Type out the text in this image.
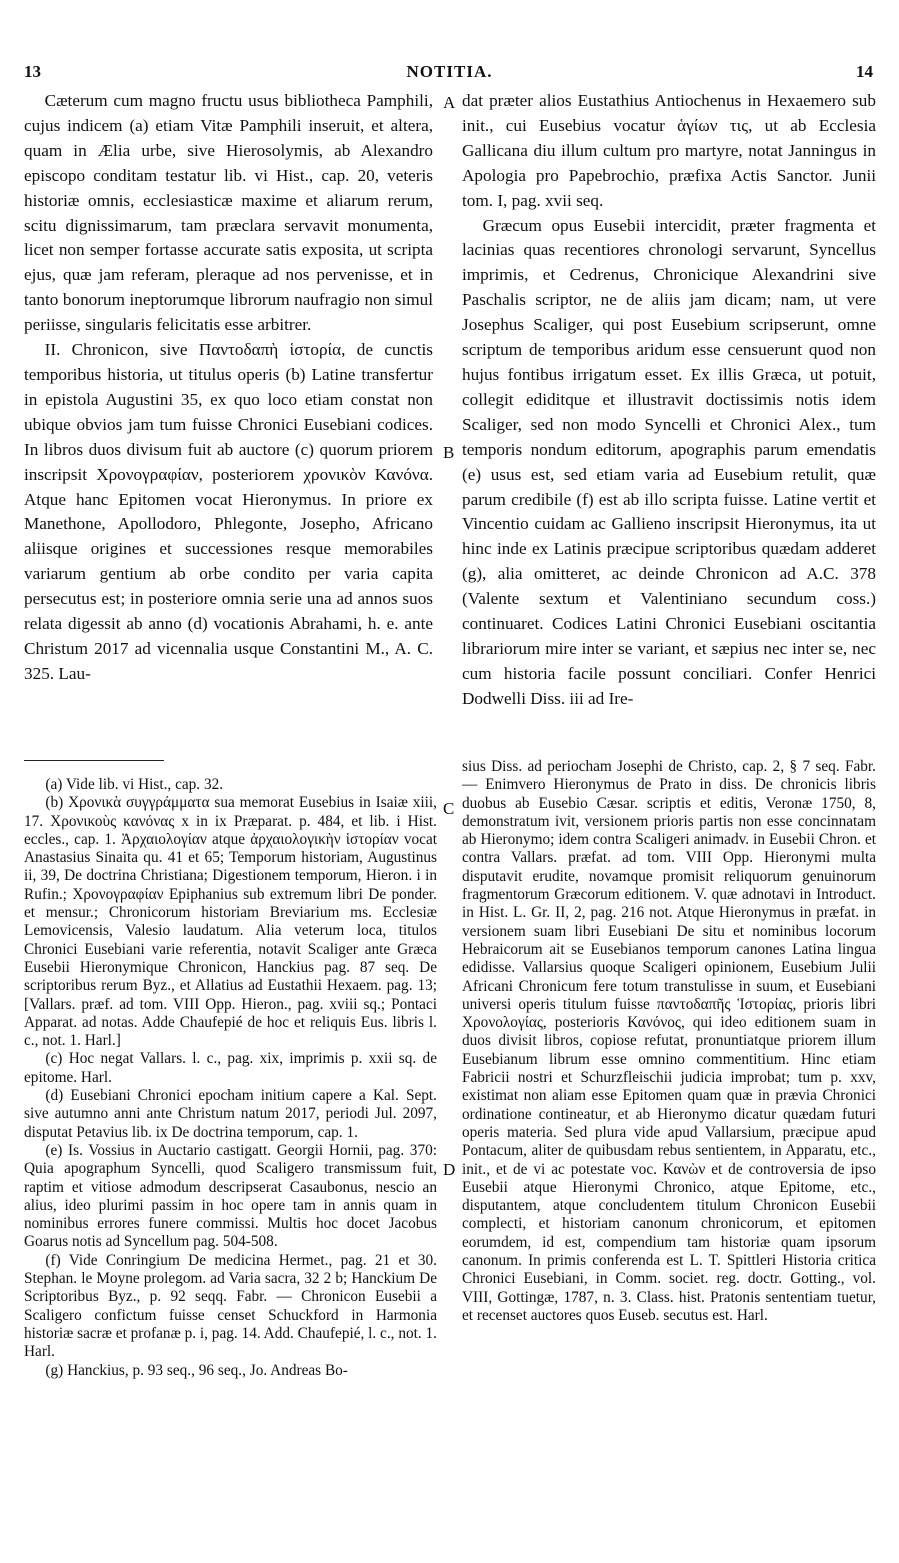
NOTITIA.
13	14
A
B
C
D

Cæterum cum magno fructu usus bibliotheca Pamphili, cujus indicem (a) etiam Vitæ Pamphili inseruit, et altera, quam in Ælia urbe, sive Hierosolymis, ab Alexandro episcopo conditam testatur lib. vi Hist., cap. 20, veteris historiæ omnis, ecclesiasticæ maxime et aliarum rerum, scitu dignissimarum, tam præclara servavit monumenta, licet non semper fortasse accurate satis exposita, ut scripta ejus, quæ jam referam, pleraque ad nos pervenisse, et in tanto bonorum ineptorumque librorum naufragio non simul periisse, singularis felicitatis esse arbitrer.

II. Chronicon, sive Παντοδαπὴ ἱστορία, de cunctis temporibus historia, ut titulus operis (b) Latine transfertur in epistola Augustini 35, ex quo loco etiam constat non ubique obvios jam tum fuisse Chronici Eusebiani codices. In libros duos divisum fuit ab auctore (c) quorum priorem inscripsit Χρονογραφίαν, posteriorem χρονικὸν Κανόνα. Atque hanc Epitomen vocat Hieronymus. In priore ex Manethone, Apollodoro, Phlegonte, Josepho, Africano aliisque origines et successiones resque memorabiles variarum gentium ab orbe condito per varia capita persecutus est; in posteriore omnia serie una ad annos suos relata digessit ab anno (d) vocationis Abrahami, h. e. ante Christum 2017 ad vicennalia usque Constantini M., A. C. 325. Lau-

dat præter alios Eustathius Antiochenus in Hexaemero sub init., cui Eusebius vocatur ἁγίων τις, ut ab Ecclesia Gallicana diu illum cultum pro martyre, notat Janningus in Apologia pro Papebrochio, præfixa Actis Sanctor. Junii tom. I, pag. xvii seq.

Græcum opus Eusebii intercidit, præter fragmenta et lacinias quas recentiores chronologi servarunt, Syncellus imprimis, et Cedrenus, Chronicique Alexandrini sive Paschalis scriptor, ne de aliis jam dicam; nam, ut vere Josephus Scaliger, qui post Eusebium scripserunt, omne scriptum de temporibus aridum esse censuerunt quod non hujus fontibus irrigatum esset. Ex illis Græca, ut potuit, collegit ediditque et illustravit doctissimis notis idem Scaliger, sed non modo Syncelli et Chronici Alex., tum temporis nondum editorum, apographis parum emendatis (e) usus est, sed etiam varia ad Eusebium retulit, quæ parum credibile (f) est ab illo scripta fuisse. Latine vertit et Vincentio cuidam ac Gallieno inscripsit Hieronymus, ita ut hinc inde ex Latinis præcipue scriptoribus quædam adderet (g), alia omitteret, ac deinde Chronicon ad A.C. 378 (Valente sextum et Valentiniano secundum coss.) continuaret. Codices Latini Chronici Eusebiani oscitantia librariorum mire inter se variant, et sæpius nec inter se, nec cum historia facile possunt conciliari. Confer Henrici Dodwelli Diss. iii ad Ire-

(a) Vide lib. vi Hist., cap. 32.

(b) Χρονικὰ συγγράμματα sua memorat Eusebius in Isaiæ xiii, 17. Χρονικοὺς κανόνας x in ix Præparat. p. 484, et lib. i Hist. eccles., cap. 1. Ἀρχαιολογίαν atque ἀρχαιολογικὴν ἱστορίαν vocat Anastasius Sinaita qu. 41 et 65; Temporum historiam, Augustinus ii, 39, De doctrina Christiana; Digestionem temporum, Hieron. i in Rufin.; Χρονογραφίαν Epiphanius sub extremum libri De ponder. et mensur.; Chronicorum historiam Breviarium ms. Ecclesiæ Lemovicensis, Valesio laudatum. Alia veterum loca, titulos Chronici Eusebiani varie referentia, notavit Scaliger ante Græca Eusebii Hieronymique Chronicon, Hanckius pag. 87 seq. De scriptoribus rerum Byz., et Allatius ad Eustathii Hexaem. pag. 13; [Vallars. præf. ad tom. VIII Opp. Hieron., pag. xviii sq.; Pontaci Apparat. ad notas. Adde Chaufepié de hoc et reliquis Eus. libris l. c., not. 1. Harl.]

(c) Hoc negat Vallars. l. c., pag. xix, imprimis p. xxii sq. de epitome. Harl.

(d) Eusebiani Chronici epocham initium capere a Kal. Sept. sive autumno anni ante Christum natum 2017, periodi Jul. 2097, disputat Petavius lib. ix De doctrina temporum, cap. 1.

(e) Is. Vossius in Auctario castigatt. Georgii Hornii, pag. 370: Quia apographum Syncelli, quod Scaligero transmissum fuit, raptim et vitiose admodum descripserat Casaubonus, nescio an alius, ideo plurimi passim in hoc opere tam in annis quam in nominibus errores funere commissi. Multis hoc docet Jacobus Goarus notis ad Syncellum pag. 504-508.

(f) Vide Conringium De medicina Hermet., pag. 21 et 30. Stephan. le Moyne prolegom. ad Varia sacra, 32 2 b; Hanckium De Scriptoribus Byz., p. 92 seqq. Fabr. — Chronicon Eusebii a Scaligero confictum fuisse censet Schuckford in Harmonia historiæ sacræ et profanæ p. i, pag. 14. Add. Chaufepié, l. c., not. 1. Harl.

(g) Hanckius, p. 93 seq., 96 seq., Jo. Andreas Bo-

sius Diss. ad periocham Josephi de Christo, cap. 2, § 7 seq. Fabr. — Enimvero Hieronymus de Prato in diss. De chronicis libris duobus ab Eusebio Cæsar. scriptis et editis, Veronæ 1750, 8, demonstratum ivit, versionem prioris partis non esse concinnatam ab Hieronymo; idem contra Scaligeri animadv. in Eusebii Chron. et contra Vallars. præfat. ad tom. VIII Opp. Hieronymi multa disputavit erudite, novamque promisit reliquorum genuinorum fragmentorum Græcorum editionem. V. quæ adnotavi in Introduct. in Hist. L. Gr. II, 2, pag. 216 not. Atque Hieronymus in præfat. in versionem suam libri Eusebiani De situ et nominibus locorum Hebraicorum ait se Eusebianos temporum canones Latina lingua edidisse. Vallarsius quoque Scaligeri opinionem, Eusebium Julii Africani Chronicum fere totum transtulisse in suum, et Eusebiani universi operis titulum fuisse παντοδαπῆς Ἱστορίας, prioris libri Χρονολογίας, posterioris Κανόνος, qui ideo editionem suam in duos divisit libros, copiose refutat, pronuntiatque priorem illum Eusebianum librum esse omnino commentitium. Hinc etiam Fabricii nostri et Schurzfleischii judicia improbat; tum p. xxv, existimat non aliam esse Epitomen quam quæ in prævia Chronici ordinatione contineatur, et ab Hieronymo dicatur quædam futuri operis materia. Sed plura vide apud Vallarsium, præcipue apud Pontacum, aliter de quibusdam rebus sentientem, in Apparatu, etc., init., et de vi ac potestate voc. Κανὼν et de controversia de ipso Eusebii atque Hieronymi Chronico, atque Epitome, etc., disputantem, atque concludentem titulum Chronicon Eusebii complecti, et historiam canonum chronicorum, et epitomen eorumdem, id est, compendium tam historiæ quam ipsorum canonum. In primis conferenda est L. T. Spittleri Historia critica Chronici Eusebiani, in Comm. societ. reg. doctr. Gotting., vol. VIII, Gottingæ, 1787, n. 3. Class. hist. Pratonis sententiam tuetur, et recenset auctores quos Euseb. secutus est. Harl.
